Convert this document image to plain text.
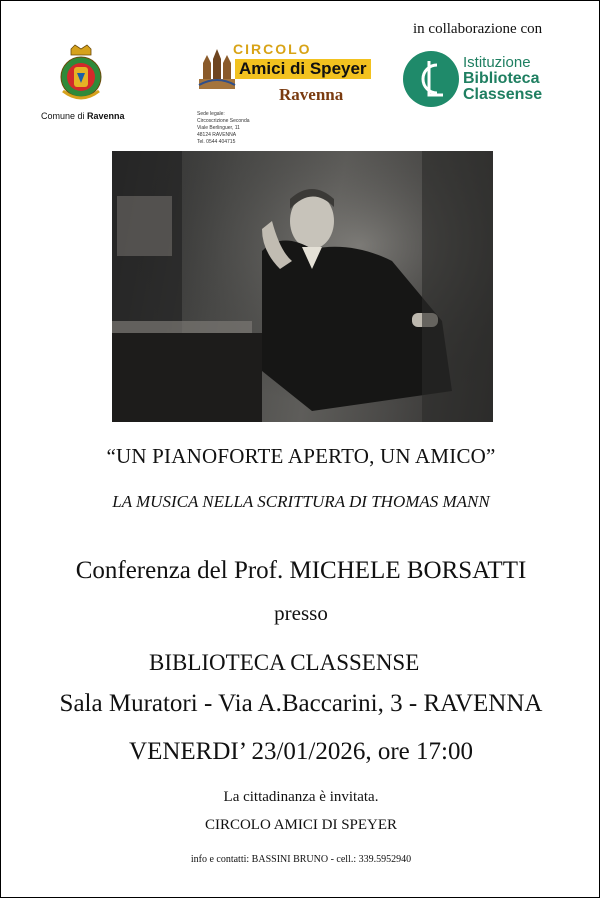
in collaborazione con
Comune di Ravenna
CIRCOLO
Amici di Speyer
Ravenna
Sede legale:
Circoscrizione Seconda
Viale Berlinguer, 11
48124 RAVENNA
Tel. 0544 404715
Istituzione
Biblioteca
Classense
“UN PIANOFORTE APERTO, UN AMICO”
LA MUSICA NELLA SCRITTURA DI THOMAS MANN
Conferenza del Prof. MICHELE BORSATTI
presso
BIBLIOTECA CLASSENSE
Sala Muratori - Via A.Baccarini, 3 - RAVENNA
VENERDI’ 23/01/2026, ore 17:00
La cittadinanza è invitata.
CIRCOLO AMICI DI SPEYER
info e contatti: BASSINI BRUNO - cell.: 339.5952940
